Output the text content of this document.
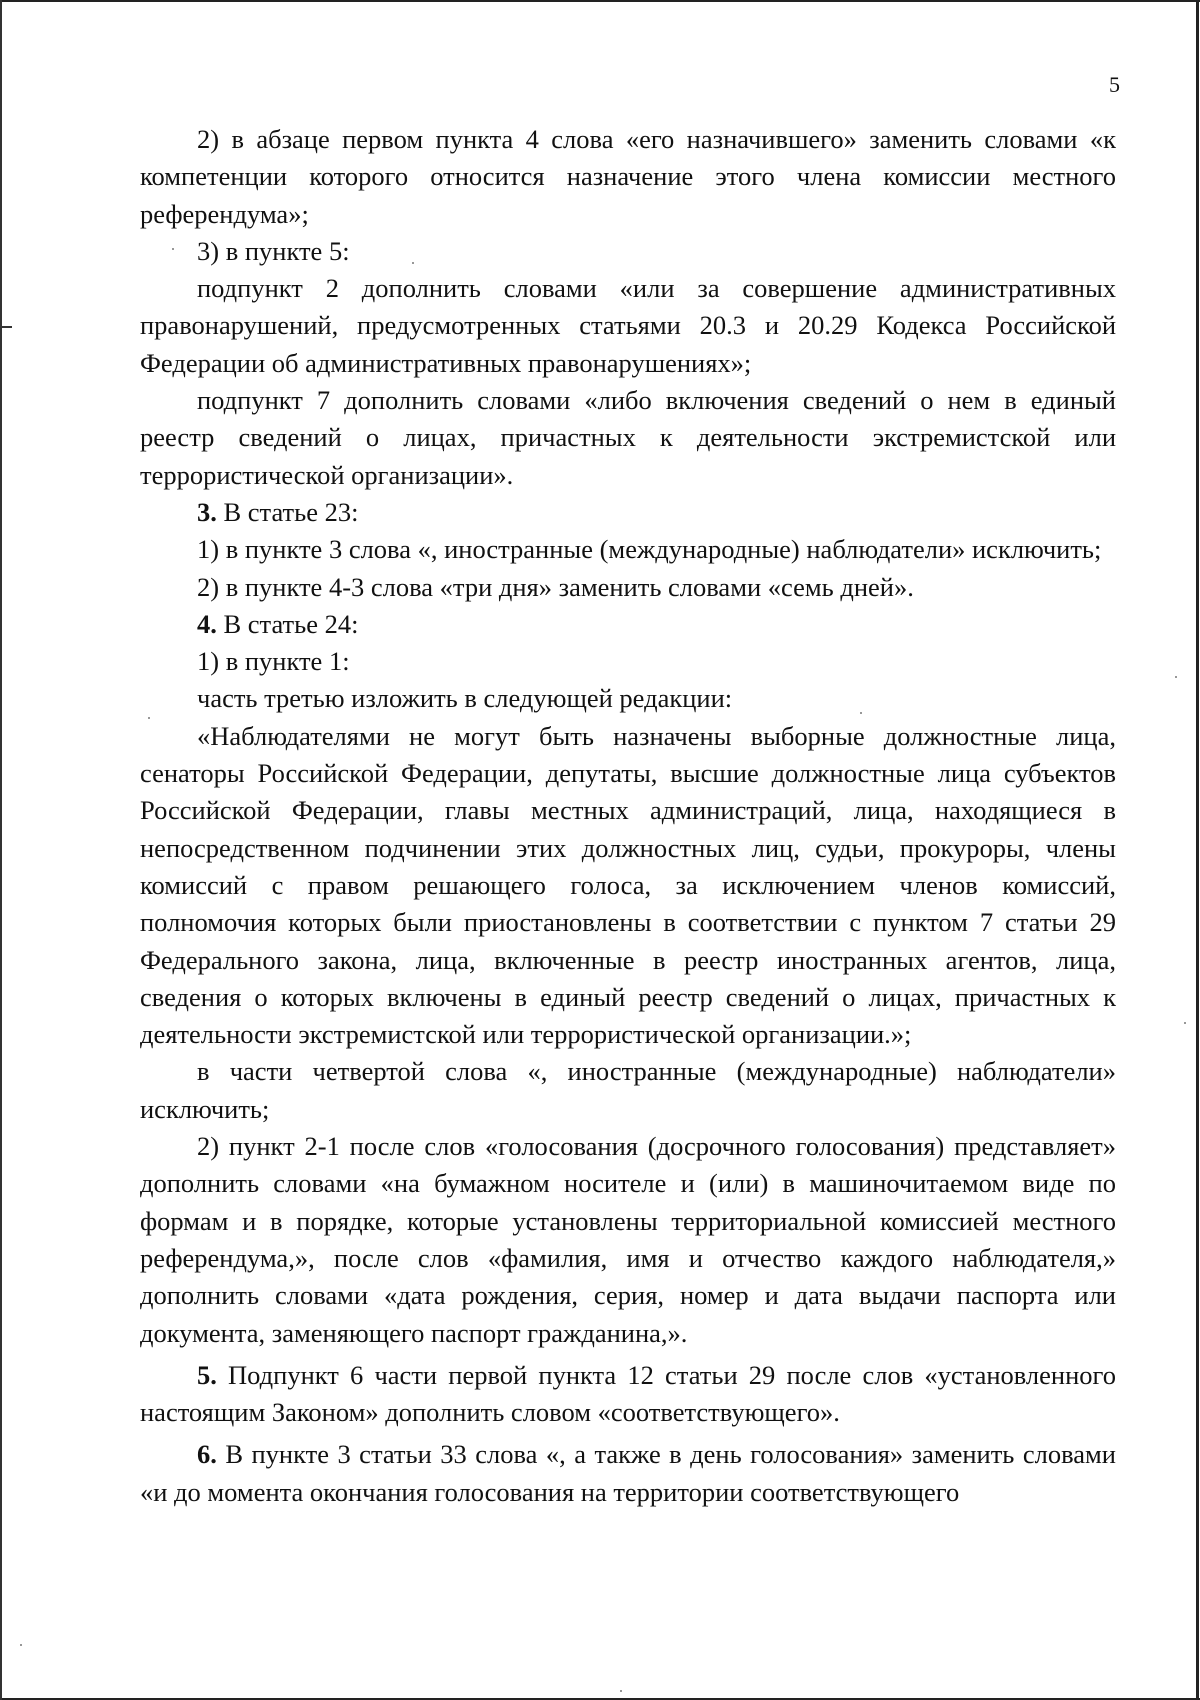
5

2) в абзаце первом пункта 4 слова «его назначившего» заменить словами «к компетенции которого относится назначение этого члена комиссии местного референдума»;

3) в пункте 5:

подпункт 2 дополнить словами «или за совершение административных правонарушений, предусмотренных статьями 20.3 и 20.29 Кодекса Российской Федерации об административных правонарушениях»;

подпункт 7 дополнить словами «либо включения сведений о нем в единый реестр сведений о лицах, причастных к деятельности экстремистской или террористической организации».

3. В статье 23:

1) в пункте 3 слова «, иностранные (международные) наблюдатели» исключить;

2) в пункте 4-3 слова «три дня» заменить словами «семь дней».

4. В статье 24:

1) в пункте 1:

часть третью изложить в следующей редакции:

«Наблюдателями не могут быть назначены выборные должностные лица, сенаторы Российской Федерации, депутаты, высшие должностные лица субъектов Российской Федерации, главы местных администраций, лица, находящиеся в непосредственном подчинении этих должностных лиц, судьи, прокуроры, члены комиссий с правом решающего голоса, за исключением членов комиссий, полномочия которых были приостановлены в соответствии с пунктом 7 статьи 29 Федерального закона, лица, включенные в реестр иностранных агентов, лица, сведения о которых включены в единый реестр сведений о лицах, причастных к деятельности экстремистской или террористической организации.»;

в части четвертой слова «, иностранные (международные) наблюдатели» исключить;

2) пункт 2-1 после слов «голосования (досрочного голосования) представляет» дополнить словами «на бумажном носителе и (или) в машиночитаемом виде по формам и в порядке, которые установлены территориальной комиссией местного референдума,», после слов «фамилия, имя и отчество каждого наблюдателя,» дополнить словами «дата рождения, серия, номер и дата выдачи паспорта или документа, заменяющего паспорт гражданина,».

5. Подпункт 6 части первой пункта 12 статьи 29 после слов «установленного настоящим Законом» дополнить словом «соответствующего».

6. В пункте 3 статьи 33 слова «, а также в день голосования» заменить словами «и до момента окончания голосования на территории соответствующего
